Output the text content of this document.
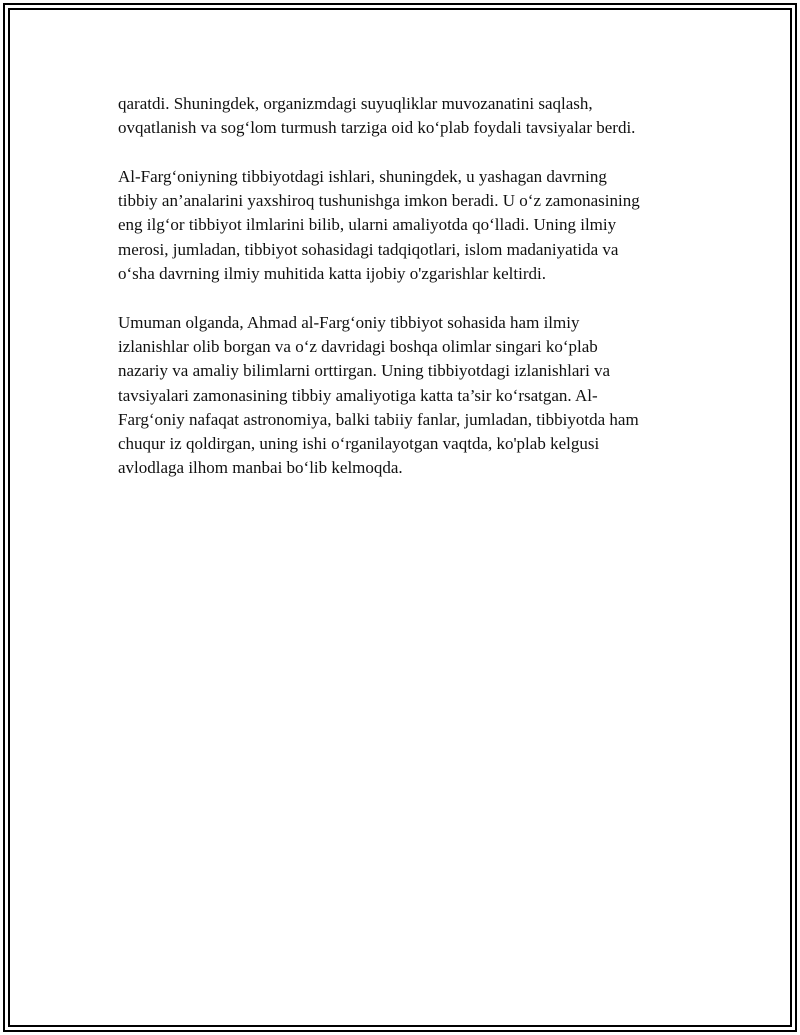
qaratdi. Shuningdek, organizmdagi suyuqliklar muvozanatini saqlash,
ovqatlanish va sog‘lom turmush tarziga oid ko‘plab foydali tavsiyalar berdi.

Al-Farg‘oniyning tibbiyotdagi ishlari, shuningdek, u yashagan davrning
tibbiy an’analarini yaxshiroq tushunishga imkon beradi. U o‘z zamonasining
eng ilg‘or tibbiyot ilmlarini bilib, ularni amaliyotda qo‘lladi. Uning ilmiy
merosi, jumladan, tibbiyot sohasidagi tadqiqotlari, islom madaniyatida va
o‘sha davrning ilmiy muhitida katta ijobiy o'zgarishlar keltirdi.

Umuman olganda, Ahmad al-Farg‘oniy tibbiyot sohasida ham ilmiy
izlanishlar olib borgan va o‘z davridagi boshqa olimlar singari ko‘plab
nazariy va amaliy bilimlarni orttirgan. Uning tibbiyotdagi izlanishlari va
tavsiyalari zamonasining tibbiy amaliyotiga katta ta’sir ko‘rsatgan. Al-
Farg‘oniy nafaqat astronomiya, balki tabiiy fanlar, jumladan, tibbiyotda ham
chuqur iz qoldirgan, uning ishi o‘rganilayotgan vaqtda, ko'plab kelgusi
avlodlaga ilhom manbai bo‘lib kelmoqda.
